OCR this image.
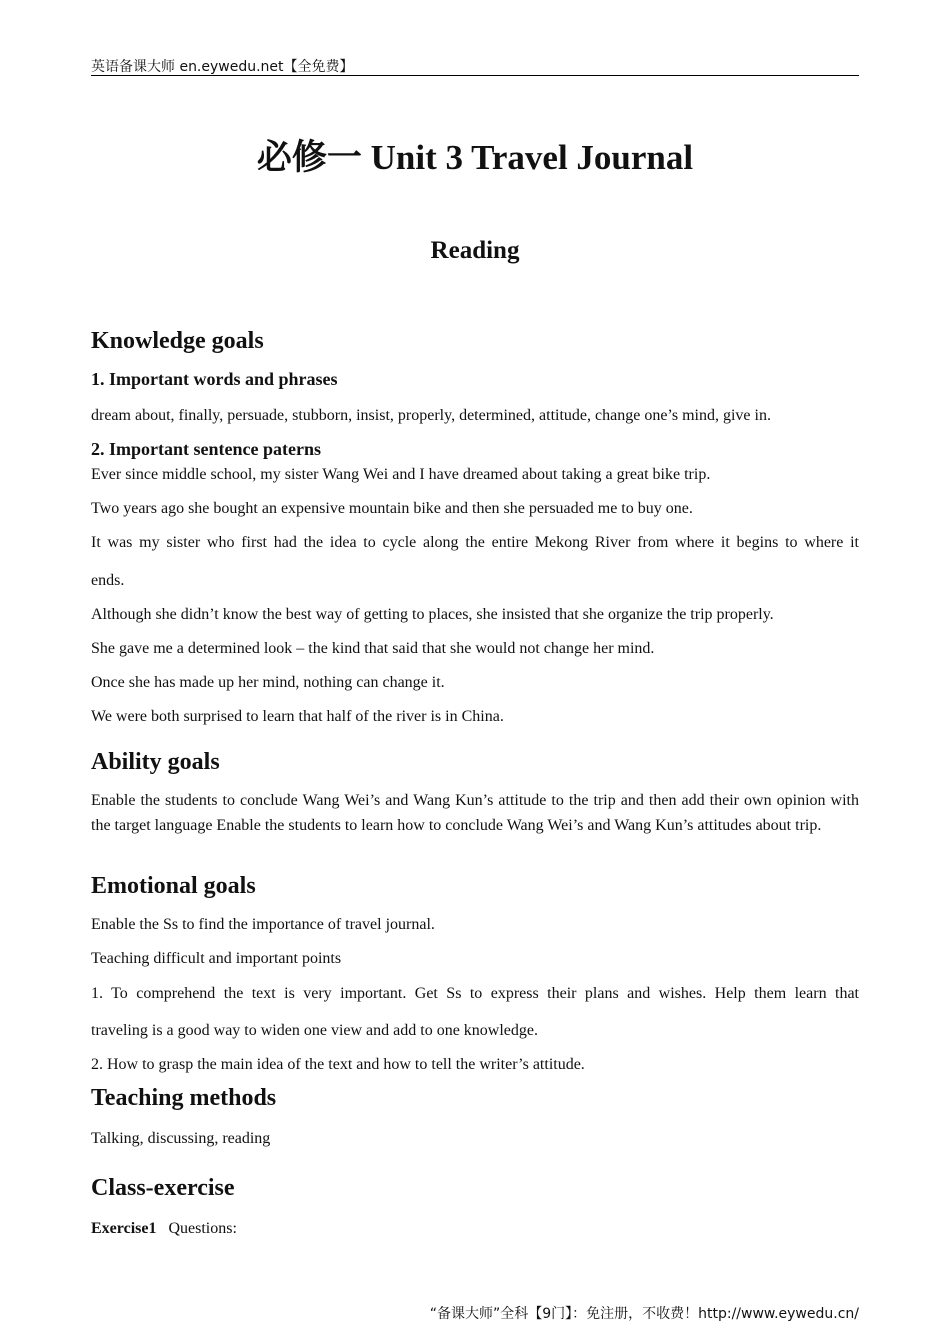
英语备课大师 en.eywedu.net【全免费】
必修一 Unit 3 Travel Journal
Reading
Knowledge goals
1. Important words and phrases
dream about, finally, persuade, stubborn, insist, properly, determined, attitude, change one’s mind, give in.
2. Important sentence paterns
Ever since middle school, my sister Wang Wei and I have dreamed about taking a great bike trip.
Two years ago she bought an expensive mountain bike and then she persuaded me to buy one.
It was my sister who first had the idea to cycle along the entire Mekong River from where it begins to where it
ends.
Although she didn’t know the best way of getting to places, she insisted that she organize the trip properly.
She gave me a determined look – the kind that said that she would not change her mind.
Once she has made up her mind, nothing can change it.
We were both surprised to learn that half of the river is in China.
Ability goals
Enable the students to conclude Wang Wei’s and Wang Kun’s attitude to the trip and then add their own opinion with the target language Enable the students to learn how to conclude Wang Wei’s and Wang Kun’s attitudes about trip.
Emotional goals
Enable the Ss to find the importance of travel journal.
Teaching difficult and important points
1. To comprehend the text is very important. Get Ss to express their plans and wishes. Help them learn that
traveling is a good way to widen one view and add to one knowledge.
2. How to grasp the main idea of the text and how to tell the writer’s attitude.
Teaching methods
Talking, discussing, reading
Class-exercise
Exercise1 Questions:
“备课大师”全科【9门】：免注册，不收费！http://www.eywedu.cn/
